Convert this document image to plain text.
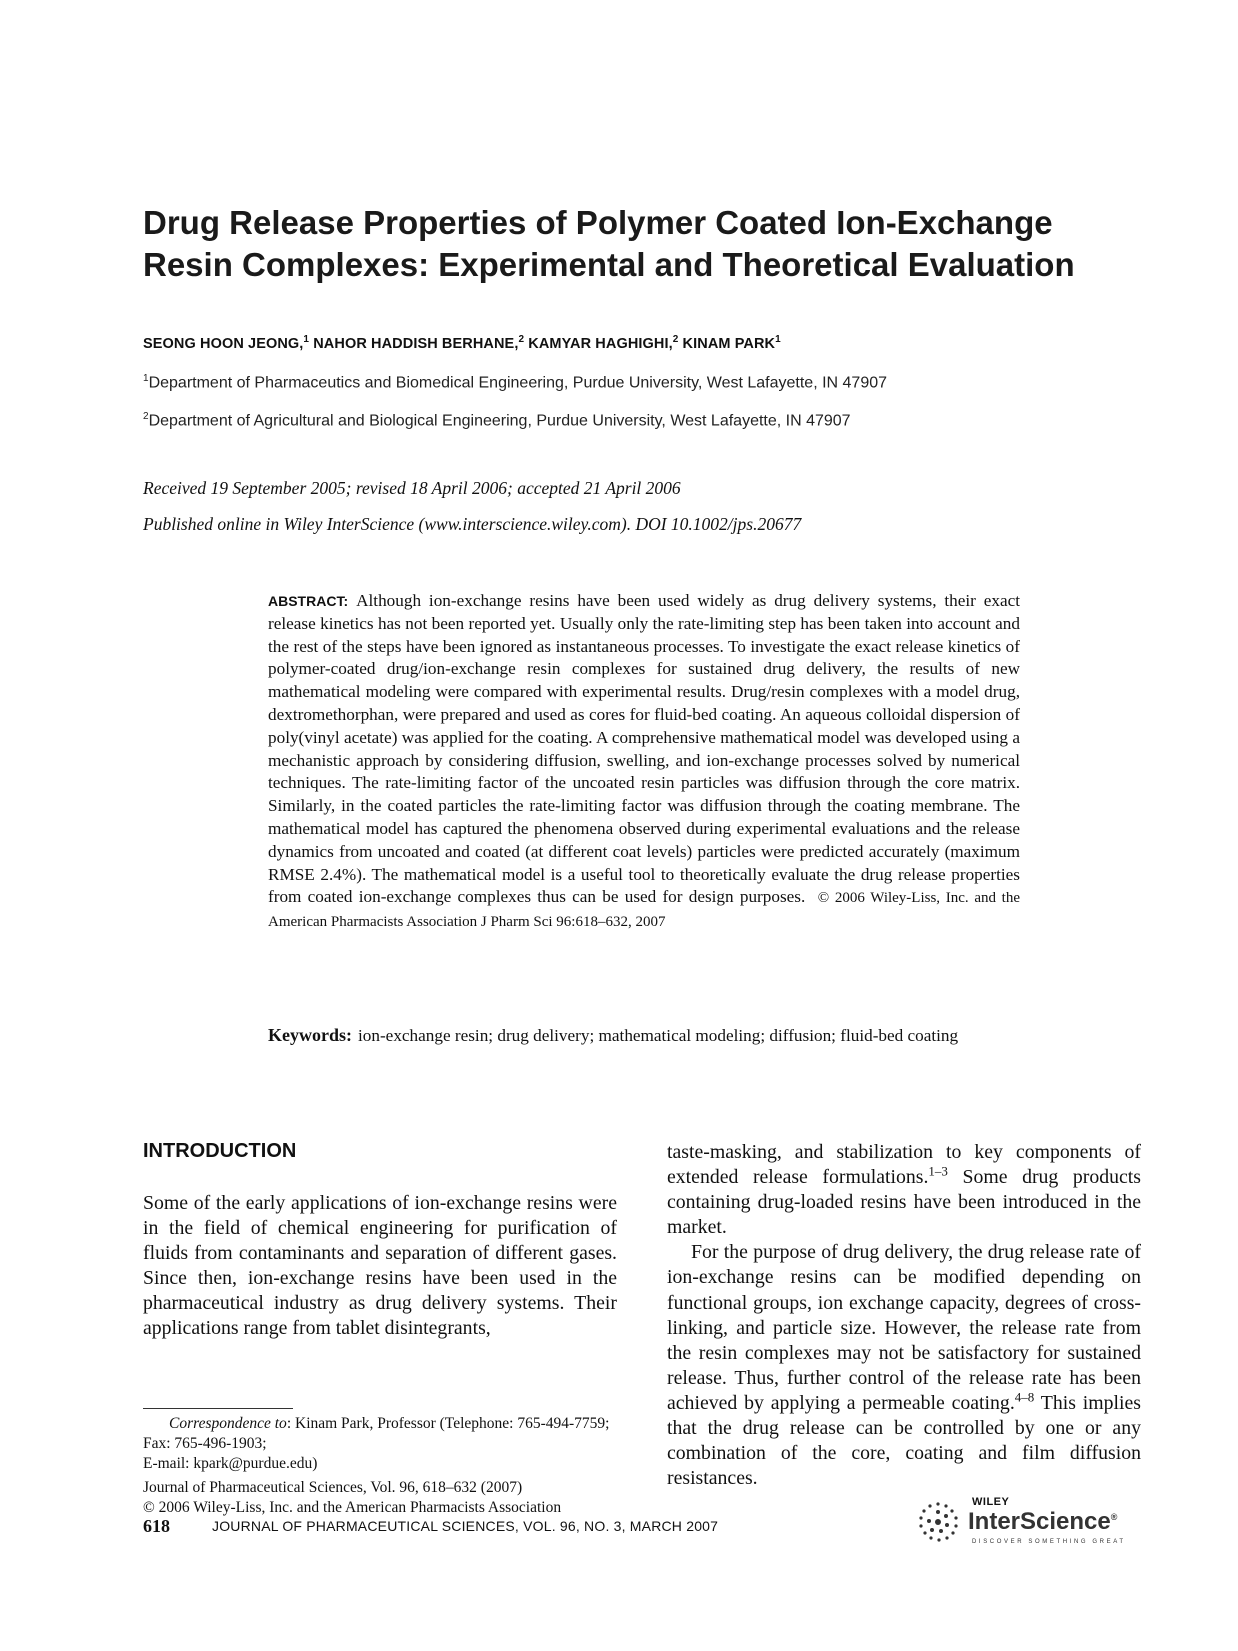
Drug Release Properties of Polymer Coated Ion-Exchange
Resin Complexes: Experimental and Theoretical Evaluation
SEONG HOON JEONG,$^1$ NAHOR HADDISH BERHANE,$^2$ KAMYAR HAGHIGHI,$^2$ KINAM PARK$^1$
$^1$Department of Pharmaceutics and Biomedical Engineering, Purdue University, West Lafayette, IN 47907
$^2$Department of Agricultural and Biological Engineering, Purdue University, West Lafayette, IN 47907
Received 19 September 2005; revised 18 April 2006; accepted 21 April 2006
Published online in Wiley InterScience (www.interscience.wiley.com). DOI 10.1002/jps.20677
ABSTRACT: Although ion-exchange resins have been used widely as drug delivery systems, their exact release kinetics has not been reported yet. Usually only the rate-limiting step has been taken into account and the rest of the steps have been ignored as instantaneous processes. To investigate the exact release kinetics of polymer-coated drug/ion-exchange resin complexes for sustained drug delivery, the results of new mathematical modeling were compared with experimental results. Drug/resin complexes with a model drug, dextromethorphan, were prepared and used as cores for fluid-bed coating. An aqueous colloidal dispersion of poly(vinyl acetate) was applied for the coating. A comprehensive mathematical model was developed using a mechanistic approach by considering diffusion, swelling, and ion-exchange processes solved by numerical techniques. The rate-limiting factor of the uncoated resin particles was diffusion through the core matrix. Similarly, in the coated particles the rate-limiting factor was diffusion through the coating membrane. The mathematical model has captured the phenomena observed during experimental evaluations and the release dynamics from uncoated and coated (at different coat levels) particles were predicted accurately (maximum RMSE 2.4%). The mathematical model is a useful tool to theoretically evaluate the drug release properties from coated ion-exchange complexes thus can be used for design purposes. © 2006 Wiley-Liss, Inc. and the American Pharmacists Association J Pharm Sci 96:618–632, 2007
Keywords: ion-exchange resin; drug delivery; mathematical modeling; diffusion; fluid-bed coating
INTRODUCTION

Some of the early applications of ion-exchange resins were in the field of chemical engineering for purification of fluids from contaminants and separation of different gases. Since then, ion-exchange resins have been used in the pharmaceutical industry as drug delivery systems. Their applications range from tablet disintegrants,

taste-masking, and stabilization to key components of extended release formulations.$^{1-3}$ Some drug products containing drug-loaded resins have been introduced in the market.

For the purpose of drug delivery, the drug release rate of ion-exchange resins can be modified depending on functional groups, ion exchange capacity, degrees of cross-linking, and particle size. However, the release rate from the resin complexes may not be satisfactory for sustained release. Thus, further control of the release rate has been achieved by applying a permeable coating.$^{4-8}$ This implies that the drug release can be controlled by one or any combination of the core, coating and film diffusion resistances.

Correspondence to: Kinam Park, Professor (Telephone: 765-494-7759; Fax: 765-496-1903;
E-mail: kpark@purdue.edu)
Journal of Pharmaceutical Sciences, Vol. 96, 618–632 (2007)
© 2006 Wiley-Liss, Inc. and the American Pharmacists Association
618	JOURNAL OF PHARMACEUTICAL SCIENCES, VOL. 96, NO. 3, MARCH 2007
WILEY
InterScience®
DISCOVER SOMETHING GREAT
